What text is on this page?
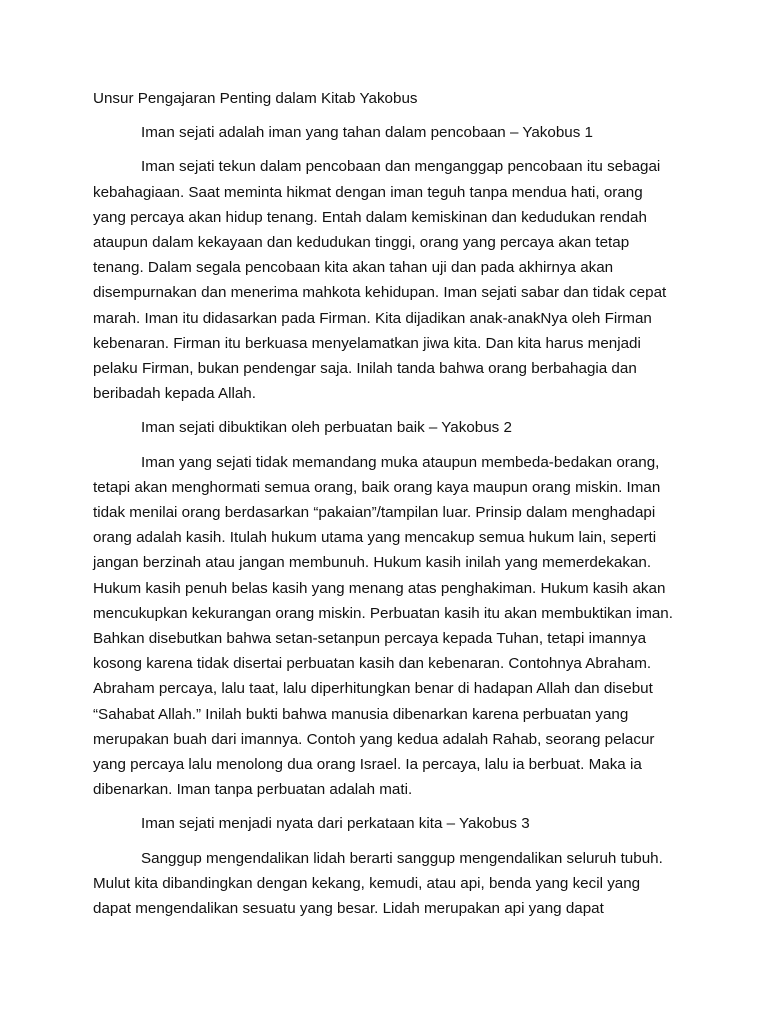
Unsur Pengajaran Penting dalam Kitab Yakobus

Iman sejati adalah iman yang tahan dalam pencobaan – Yakobus 1

Iman sejati tekun dalam pencobaan dan menganggap pencobaan itu sebagai kebahagiaan. Saat meminta hikmat dengan iman teguh tanpa mendua hati, orang yang percaya akan hidup tenang. Entah dalam kemiskinan dan kedudukan rendah ataupun dalam kekayaan dan kedudukan tinggi, orang yang percaya akan tetap tenang. Dalam segala pencobaan kita akan tahan uji dan pada akhirnya akan disempurnakan dan menerima mahkota kehidupan. Iman sejati sabar dan tidak cepat marah. Iman itu didasarkan pada Firman. Kita dijadikan anak-anakNya oleh Firman kebenaran. Firman itu berkuasa menyelamatkan jiwa kita. Dan kita harus menjadi pelaku Firman, bukan pendengar saja. Inilah tanda bahwa orang berbahagia dan beribadah kepada Allah.

Iman sejati dibuktikan oleh perbuatan baik – Yakobus 2

Iman yang sejati tidak memandang muka ataupun membeda-bedakan orang, tetapi akan menghormati semua orang, baik orang kaya maupun orang miskin. Iman tidak menilai orang berdasarkan “pakaian”/tampilan luar. Prinsip dalam menghadapi orang adalah kasih. Itulah hukum utama yang mencakup semua hukum lain, seperti jangan berzinah atau jangan membunuh. Hukum kasih inilah yang memerdekakan. Hukum kasih penuh belas kasih yang menang atas penghakiman. Hukum kasih akan mencukupkan kekurangan orang miskin. Perbuatan kasih itu akan membuktikan iman. Bahkan disebutkan bahwa setan-setanpun percaya kepada Tuhan, tetapi imannya kosong karena tidak disertai perbuatan kasih dan kebenaran. Contohnya Abraham. Abraham percaya, lalu taat, lalu diperhitungkan benar di hadapan Allah dan disebut “Sahabat Allah.” Inilah bukti bahwa manusia dibenarkan karena perbuatan yang merupakan buah dari imannya. Contoh yang kedua adalah Rahab, seorang pelacur yang percaya lalu menolong dua orang Israel. Ia percaya, lalu ia berbuat. Maka ia dibenarkan. Iman tanpa perbuatan adalah mati.

Iman sejati menjadi nyata dari perkataan kita – Yakobus 3

Sanggup mengendalikan lidah berarti sanggup mengendalikan seluruh tubuh. Mulut kita dibandingkan dengan kekang, kemudi, atau api, benda yang kecil yang dapat mengendalikan sesuatu yang besar. Lidah merupakan api yang dapat
